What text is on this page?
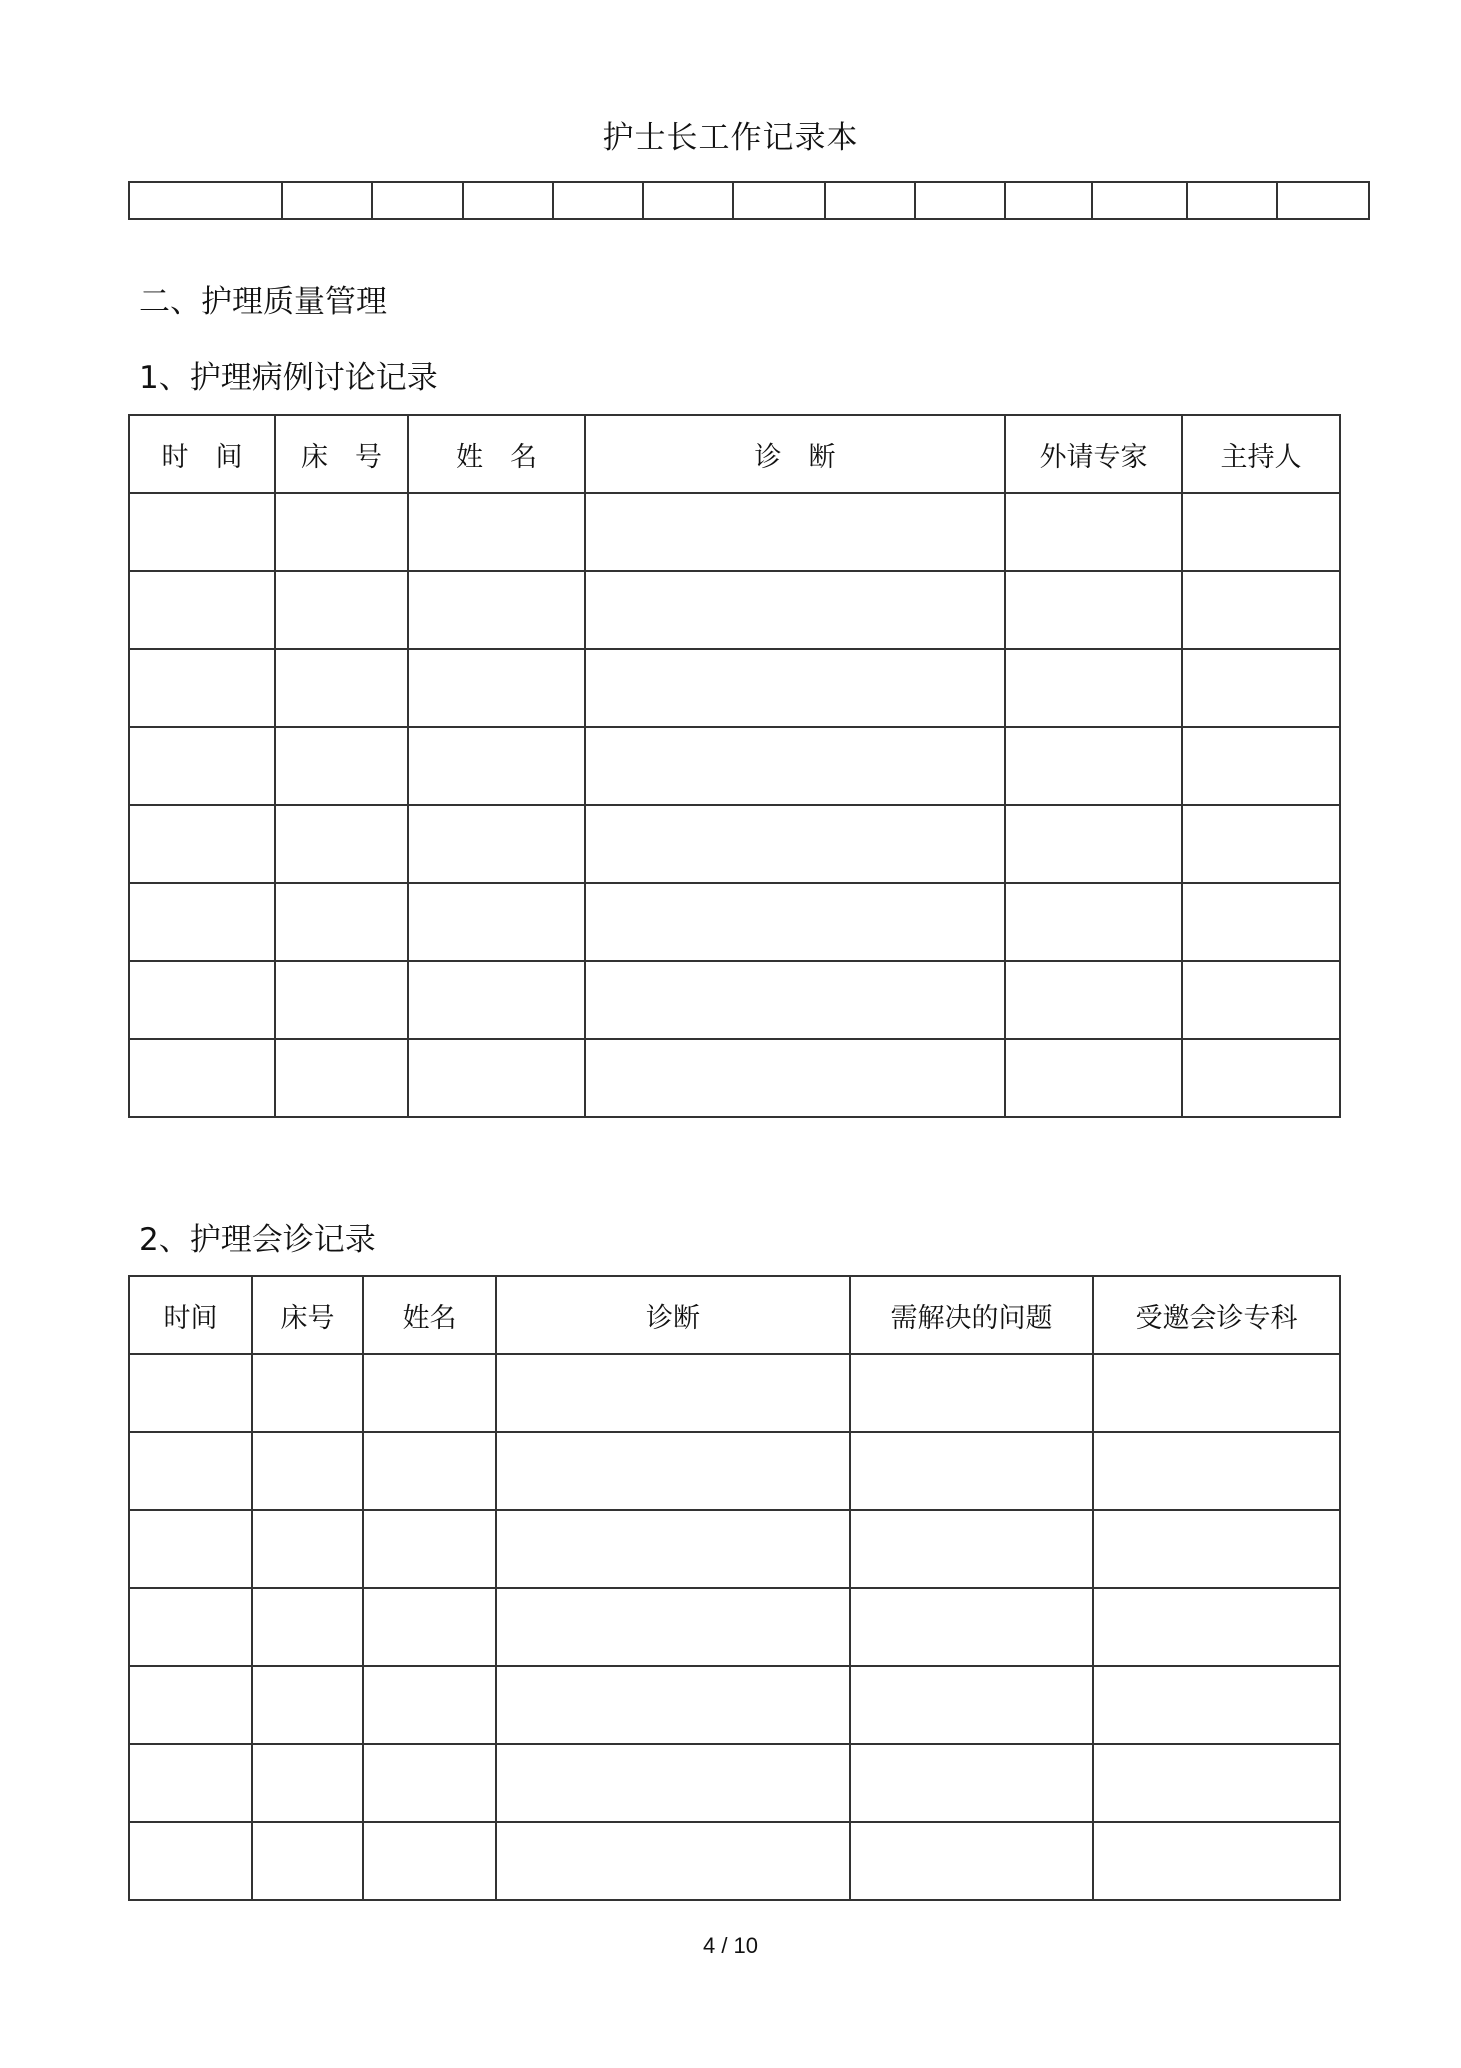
护士长工作记录本

二、护理质量管理
1、护理病例讨论记录
时　间	床　号	姓　名	诊　断	外请专家	主持人

2、护理会诊记录
时间	床号	姓名	诊断	需解决的问题	受邀会诊专科

4 / 10
